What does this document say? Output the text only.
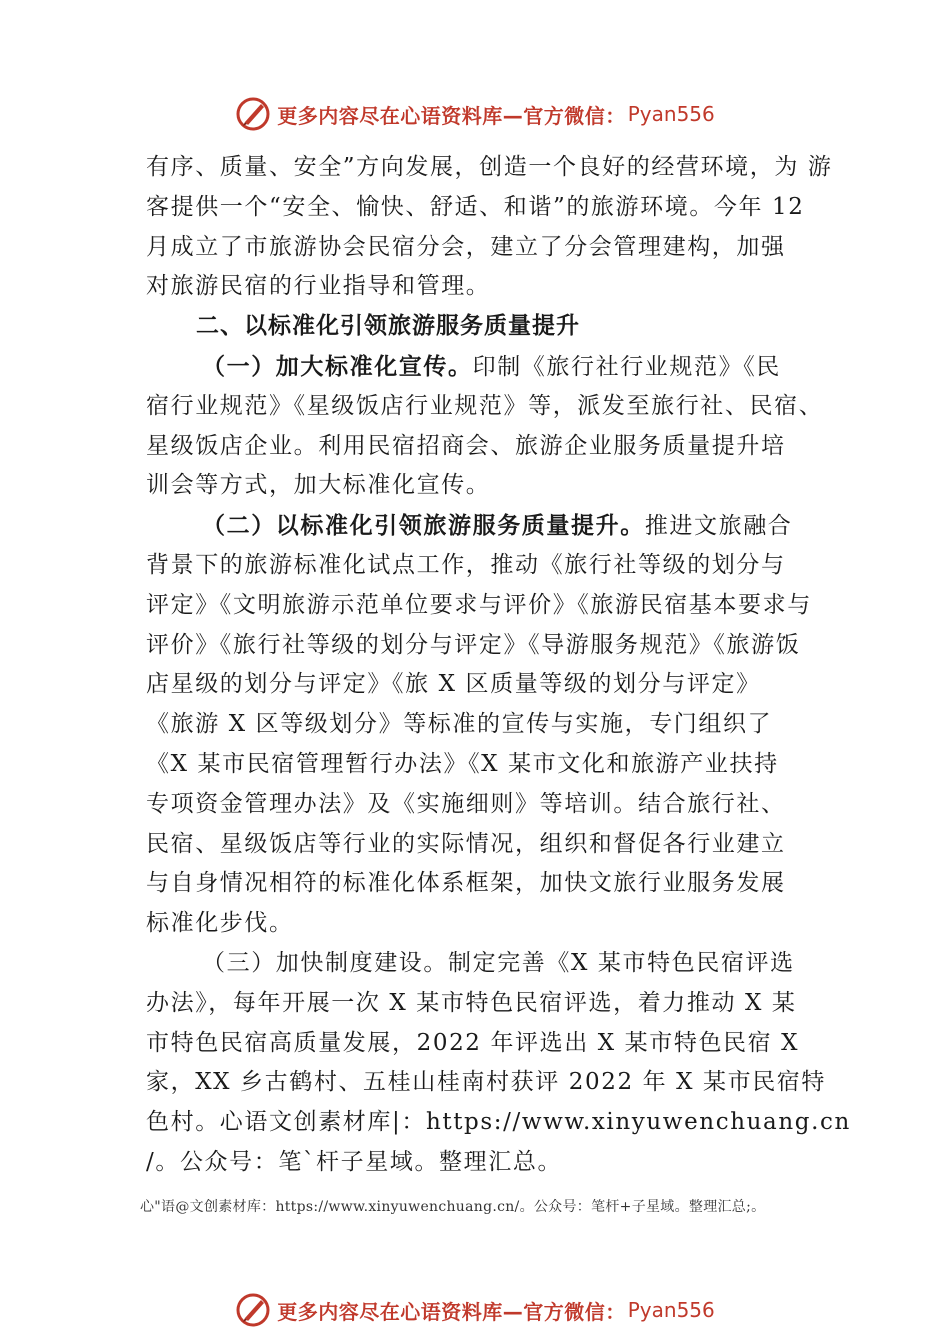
更多内容尽在心语资料库—官方微信： Pyan556
有序、质量、安全”方向发展，创造一个良好的经营环境，为 游
客提供一个“安全、愉快、舒适、和谐”的旅游环境。今年 12
月成立了市旅游协会民宿分会，建立了分会管理建构，加强
对旅游民宿的行业指导和管理。
二、以标准化引领旅游服务质量提升
（一）加大标准化宣传。印制《旅行社行业规范》《民
宿行业规范》《星级饭店行业规范》等，派发至旅行社、民宿、
星级饭店企业。利用民宿招商会、旅游企业服务质量提升培
训会等方式，加大标准化宣传。
（二）以标准化引领旅游服务质量提升。推进文旅融合
背景下的旅游标准化试点工作，推动《旅行社等级的划分与
评定》《文明旅游示范单位要求与评价》《旅游民宿基本要求与
评价》《旅行社等级的划分与评定》《导游服务规范》《旅游饭
店星级的划分与评定》《旅 X 区质量等级的划分与评定》
《旅游 X 区等级划分》等标准的宣传与实施，专门组织了
《X 某市民宿管理暂行办法》《X 某市文化和旅游产业扶持
专项资金管理办法》及《实施细则》等培训。结合旅行社、
民宿、星级饭店等行业的实际情况，组织和督促各行业建立
与自身情况相符的标准化体系框架，加快文旅行业服务发展
标准化步伐。
（三）加快制度建设。制定完善《X 某市特色民宿评选
办法》，每年开展一次 X 某市特色民宿评选，着力推动 X 某
市特色民宿高质量发展，2022 年评选出 X 某市特色民宿 X
家，XX 乡古鹤村、五桂山桂南村获评 2022 年 X 某市民宿特
色村。心语文创素材库|：https://www.xinyuwenchuang.cn
/。公众号：笔`杆子星域。整理汇总。
心"语@文创素材库：https://www.xinyuwenchuang.cn/。公众号：笔杆+子星域。整理汇总;。
更多内容尽在心语资料库—官方微信： Pyan556
